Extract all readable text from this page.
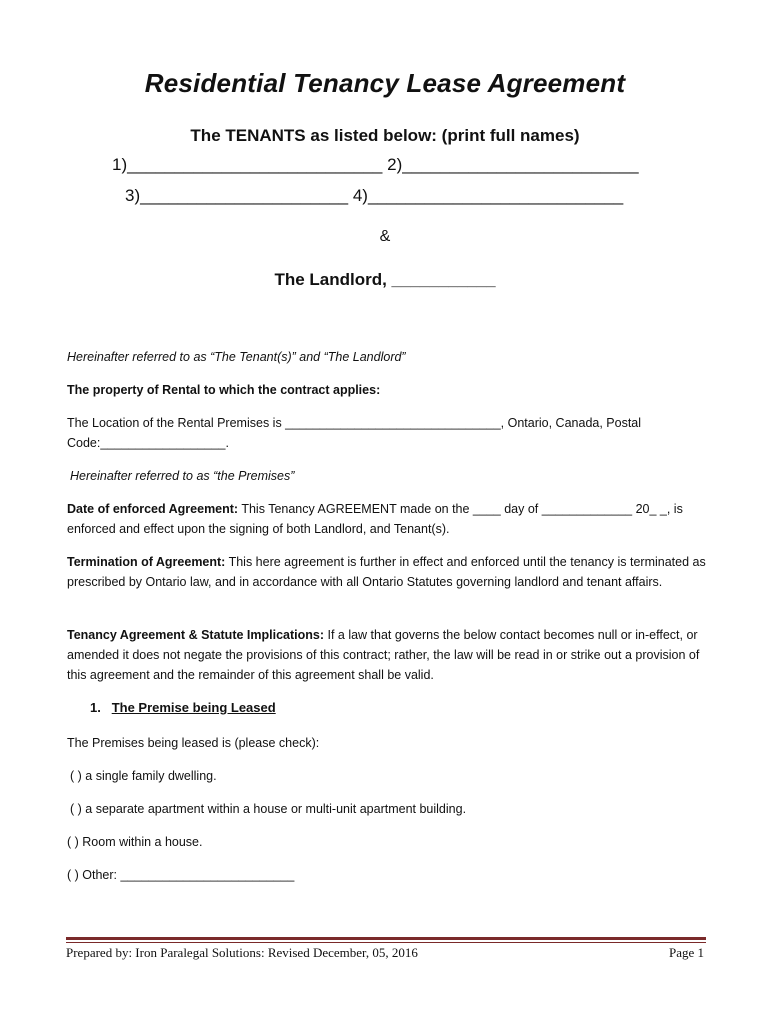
Residential Tenancy Lease Agreement
The TENANTS as listed below: (print full names)
1)___________________________ 2)_________________________
3)______________________ 4)___________________________
&
The Landlord, ___________
Hereinafter referred to as “The Tenant(s)” and “The Landlord”
The property of Rental to which the contract applies:
The Location of the Rental Premises is _______________________________, Ontario, Canada, Postal
Code:__________________.
Hereinafter referred to as “the Premises”
Date of enforced Agreement: This Tenancy AGREEMENT made on the ____ day of _____________ 20_ _, is enforced and effect upon the signing of both Landlord, and Tenant(s).
Termination of Agreement: This here agreement is further in effect and enforced until the tenancy is terminated as prescribed by Ontario law, and in accordance with all Ontario Statutes governing landlord and tenant affairs.
Tenancy Agreement & Statute Implications: If a law that governs the below contact becomes null or in-effect, or amended it does not negate the provisions of this contract; rather, the law will be read in or strike out a provision of this agreement and the remainder of this agreement shall be valid.
1. The Premise being Leased
The Premises being leased is (please check):
( ) a single family dwelling.
( ) a separate apartment within a house or multi-unit apartment building.
( ) Room within a house.
( ) Other: _________________________
Prepared by: Iron Paralegal Solutions: Revised December, 05, 2016	Page 1
